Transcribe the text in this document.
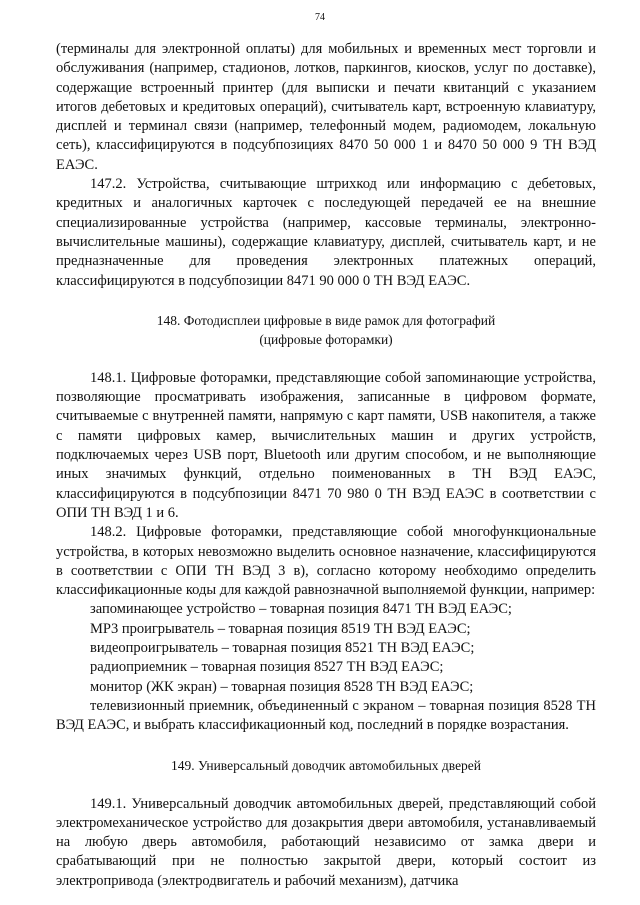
74

(терминалы для электронной оплаты) для мобильных и временных мест торговли и обслуживания (например, стадионов, лотков, паркингов, киосков, услуг по доставке), содержащие встроенный принтер (для выписки и печати квитанций с указанием итогов дебетовых и кредитовых операций), считыватель карт, встроенную клавиатуру, дисплей и терминал связи (например, телефонный модем, радиомодем, локальную сеть), классифицируются в подсубпозициях 8470 50 000 1 и 8470 50 000 9 ТН ВЭД ЕАЭС.

147.2. Устройства, считывающие штрихкод или информацию с дебетовых, кредитных и аналогичных карточек с последующей передачей ее на внешние специализированные устройства (например, кассовые терминалы, электронно-вычислительные машины), содержащие клавиатуру, дисплей, считыватель карт, и не предназначенные для проведения электронных платежных операций, классифицируются в подсубпозиции 8471 90 000 0 ТН ВЭД ЕАЭС.

148. Фотодисплеи цифровые в виде рамок для фотографий
(цифровые фоторамки)

148.1. Цифровые фоторамки, представляющие собой запоминающие устройства, позволяющие просматривать изображения, записанные в цифровом формате, считываемые с внутренней памяти, напрямую с карт памяти, USB накопителя, а также с памяти цифровых камер, вычислительных машин и других устройств, подключаемых через USB порт, Bluetooth или другим способом, и не выполняющие иных значимых функций, отдельно поименованных в ТН ВЭД ЕАЭС, классифицируются в подсубпозиции 8471 70 980 0 ТН ВЭД ЕАЭС в соответствии с ОПИ ТН ВЭД 1 и 6.

148.2. Цифровые фоторамки, представляющие собой многофункциональные устройства, в которых невозможно выделить основное назначение, классифицируются в соответствии с ОПИ ТН ВЭД 3 в), согласно которому необходимо определить классификационные коды для каждой равнозначной выполняемой функции, например:

запоминающее устройство – товарная позиция 8471 ТН ВЭД ЕАЭС;

МР3 проигрыватель – товарная позиция 8519 ТН ВЭД ЕАЭС;

видеопроигрыватель – товарная позиция 8521 ТН ВЭД ЕАЭС;

радиоприемник – товарная позиция 8527 ТН ВЭД ЕАЭС;

монитор (ЖК экран) – товарная позиция 8528 ТН ВЭД ЕАЭС;

телевизионный приемник, объединенный с экраном – товарная позиция 8528 ТН ВЭД ЕАЭС, и выбрать классификационный код, последний в порядке возрастания.

149. Универсальный доводчик автомобильных дверей

149.1. Универсальный доводчик автомобильных дверей, представляющий собой электромеханическое устройство для дозакрытия двери автомобиля, устанавливаемый на любую дверь автомобиля, работающий независимо от замка двери и срабатывающий при не полностью закрытой двери, который состоит из электропривода (электродвигатель и рабочий механизм), датчика
